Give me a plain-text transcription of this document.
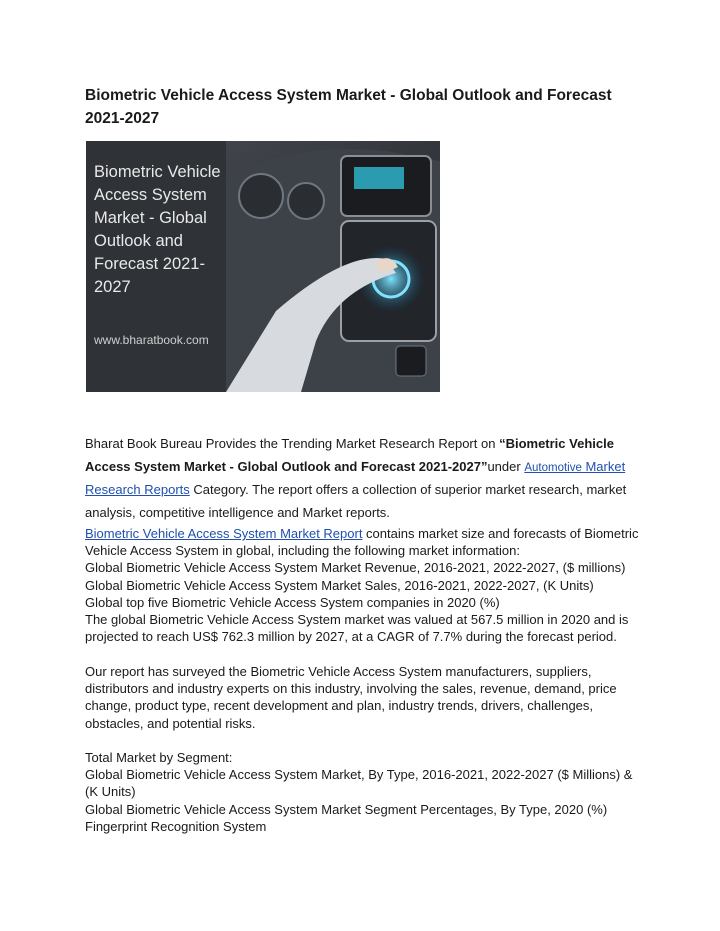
Biometric Vehicle Access System Market - Global Outlook and Forecast 2021-2027
Biometric Vehicle Access System Market - Global Outlook and Forecast 2021-2027
www.bharatbook.com

Bharat Book Bureau Provides the Trending Market Research Report on “Biometric Vehicle Access System Market - Global Outlook and Forecast 2021-2027”under Automotive Market Research Reports Category. The report offers a collection of superior market research, market analysis, competitive intelligence and Market reports.

Biometric Vehicle Access System Market Report contains market size and forecasts of Biometric
Vehicle Access System in global, including the following market information:
Global Biometric Vehicle Access System Market Revenue, 2016-2021, 2022-2027, ($ millions)
Global Biometric Vehicle Access System Market Sales, 2016-2021, 2022-2027, (K Units)
Global top five Biometric Vehicle Access System companies in 2020 (%)
The global Biometric Vehicle Access System market was valued at 567.5 million in 2020 and is
projected to reach US$ 762.3 million by 2027, at a CAGR of 7.7% during the forecast period.
Our report has surveyed the Biometric Vehicle Access System manufacturers, suppliers,
distributors and industry experts on this industry, involving the sales, revenue, demand, price
change, product type, recent development and plan, industry trends, drivers, challenges,
obstacles, and potential risks.
Total Market by Segment:
Global Biometric Vehicle Access System Market, By Type, 2016-2021, 2022-2027 ($ Millions) &
(K Units)
Global Biometric Vehicle Access System Market Segment Percentages, By Type, 2020 (%)
Fingerprint Recognition System
